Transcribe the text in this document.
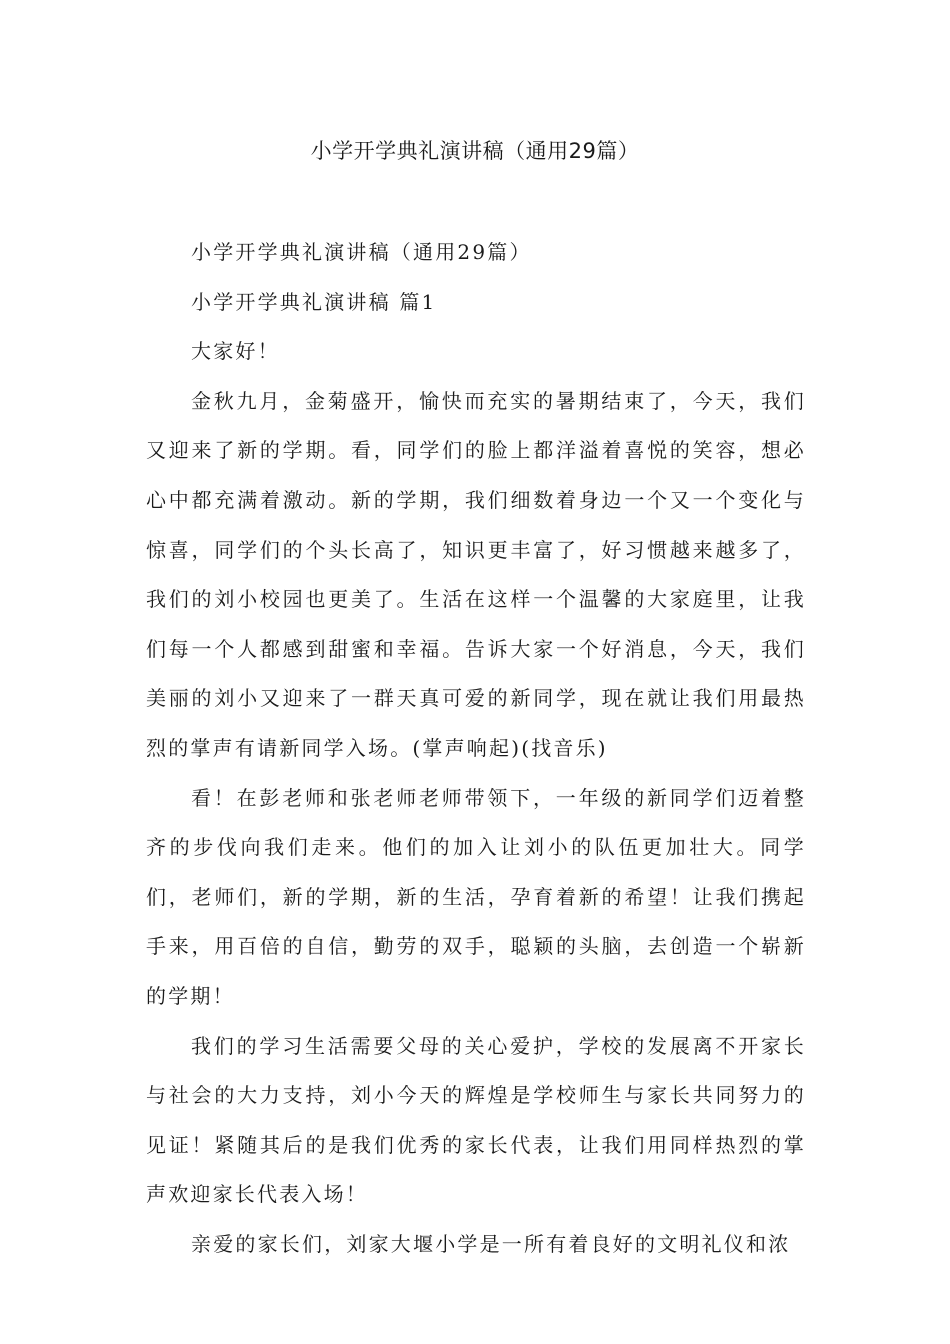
小学开学典礼演讲稿（通用29篇）

小学开学典礼演讲稿（通用29篇）

小学开学典礼演讲稿 篇1

大家好！

金秋九月，金菊盛开，愉快而充实的暑期结束了，今天，我们又迎来了新的学期。看，同学们的脸上都洋溢着喜悦的笑容，想必心中都充满着激动。新的学期，我们细数着身边一个又一个变化与惊喜，同学们的个头长高了，知识更丰富了，好习惯越来越多了，我们的刘小校园也更美了。生活在这样一个温馨的大家庭里，让我们每一个人都感到甜蜜和幸福。告诉大家一个好消息，今天，我们美丽的刘小又迎来了一群天真可爱的新同学，现在就让我们用最热烈的掌声有请新同学入场。(掌声响起)(找音乐)

看！在彭老师和张老师老师带领下，一年级的新同学们迈着整齐的步伐向我们走来。他们的加入让刘小的队伍更加壮大。同学们，老师们，新的学期，新的生活，孕育着新的希望！让我们携起手来，用百倍的自信，勤劳的双手，聪颖的头脑，去创造一个崭新的学期！

我们的学习生活需要父母的关心爱护，学校的发展离不开家长与社会的大力支持，刘小今天的辉煌是学校师生与家长共同努力的见证！紧随其后的是我们优秀的家长代表，让我们用同样热烈的掌声欢迎家长代表入场！

亲爱的家长们，刘家大堰小学是一所有着良好的文明礼仪和浓
